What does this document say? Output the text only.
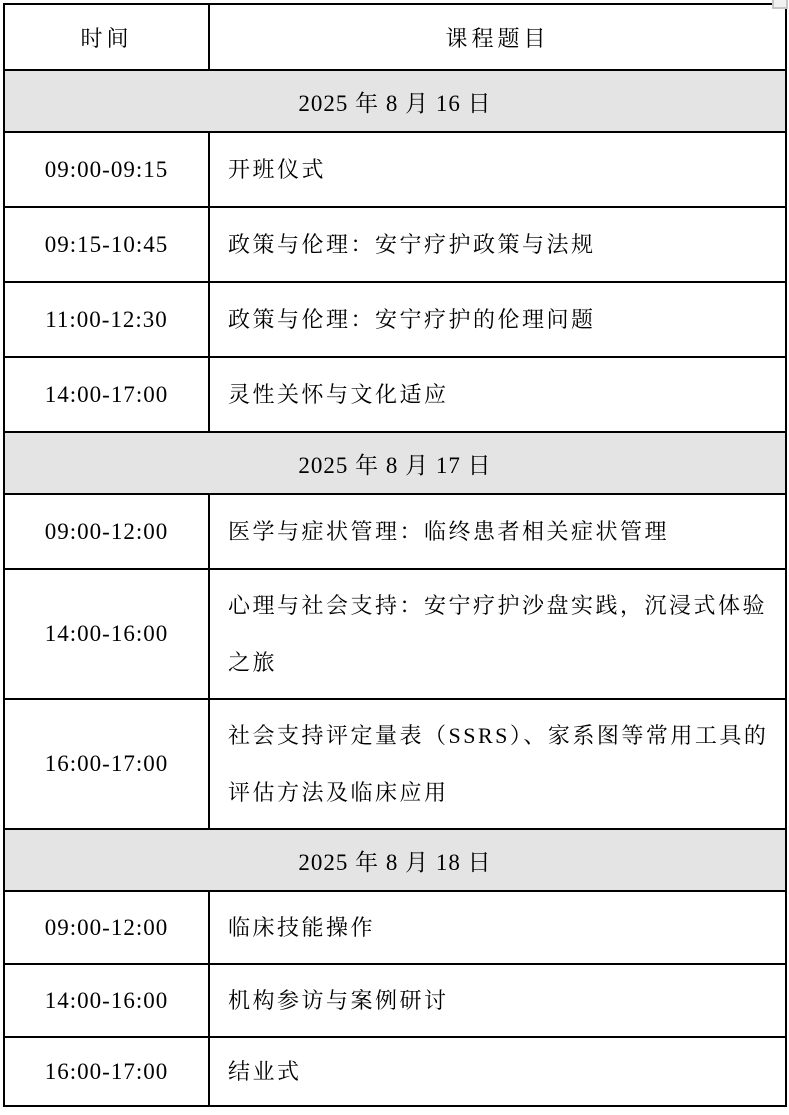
时间	课程题目
2025 年 8 月 16 日	
09:00-09:15	开班仪式
09:15-10:45	政策与伦理：安宁疗护政策与法规
11:00-12:30	政策与伦理：安宁疗护的伦理问题
14:00-17:00	灵性关怀与文化适应
2025 年 8 月 17 日	
09:00-12:00	医学与症状管理：临终患者相关症状管理
14:00-16:00	心理与社会支持：安宁疗护沙盘实践，沉浸式体验之旅
16:00-17:00	社会支持评定量表（SSRS）、家系图等常用工具的评估方法及临床应用
2025 年 8 月 18 日	
09:00-12:00	临床技能操作
14:00-16:00	机构参访与案例研讨
16:00-17:00	结业式
